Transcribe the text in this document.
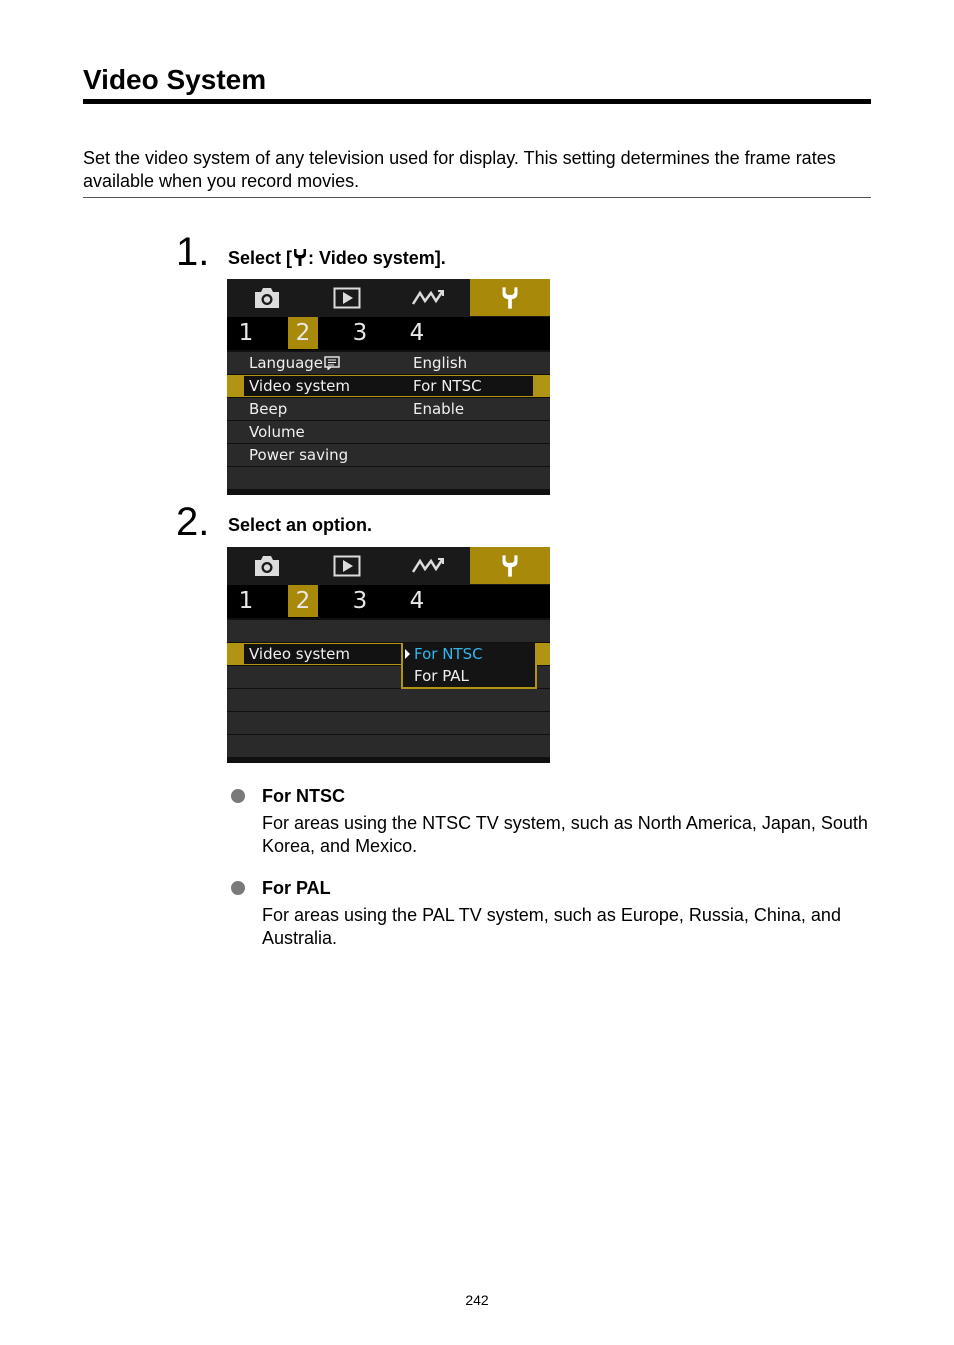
Video System

Set the video system of any television used for display. This setting determines the frame rates available when you record movies.

1. Select [ : Video system].
1	2	3	4
Language	English
Video system	For NTSC
Beep	Enable
Volume
Power saving
2. Select an option.
1	2	3	4
Video system	For NTSC
For PAL
For NTSC

For areas using the NTSC TV system, such as North America, Japan, South Korea, and Mexico.

For PAL

For areas using the PAL TV system, such as Europe, Russia, China, and Australia.

242
